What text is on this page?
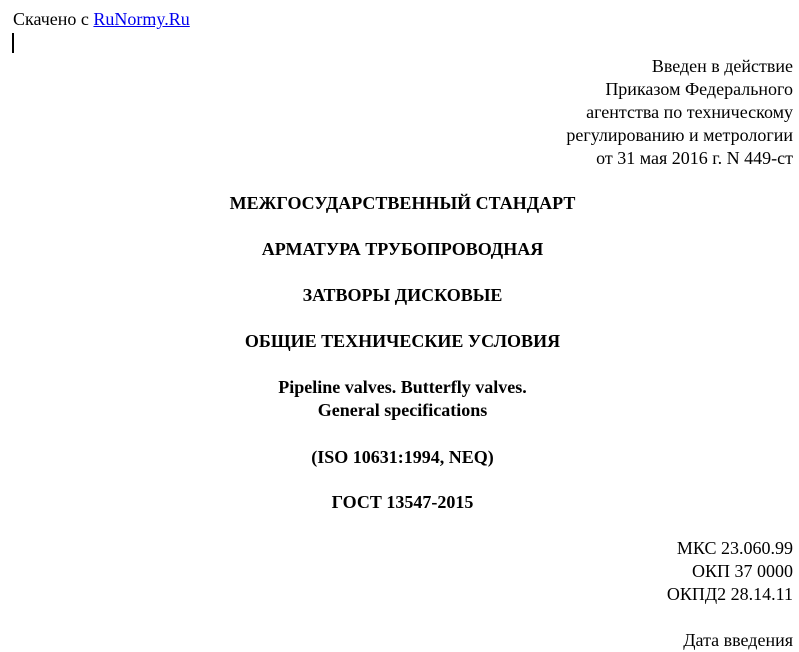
Скачено с RuNormy.Ru
Введен в действие
Приказом Федерального
агентства по техническому
регулированию и метрологии
от 31 мая 2016 г. N 449-ст
МЕЖГОСУДАРСТВЕННЫЙ СТАНДАРТ
АРМАТУРА ТРУБОПРОВОДНАЯ
ЗАТВОРЫ ДИСКОВЫЕ
ОБЩИЕ ТЕХНИЧЕСКИЕ УСЛОВИЯ
Pipeline valves. Butterfly valves.
General specifications
(ISO 10631:1994, NEQ)
ГОСТ 13547-2015
МКС 23.060.99
ОКП 37 0000
ОКПД2 28.14.11
Дата введения
